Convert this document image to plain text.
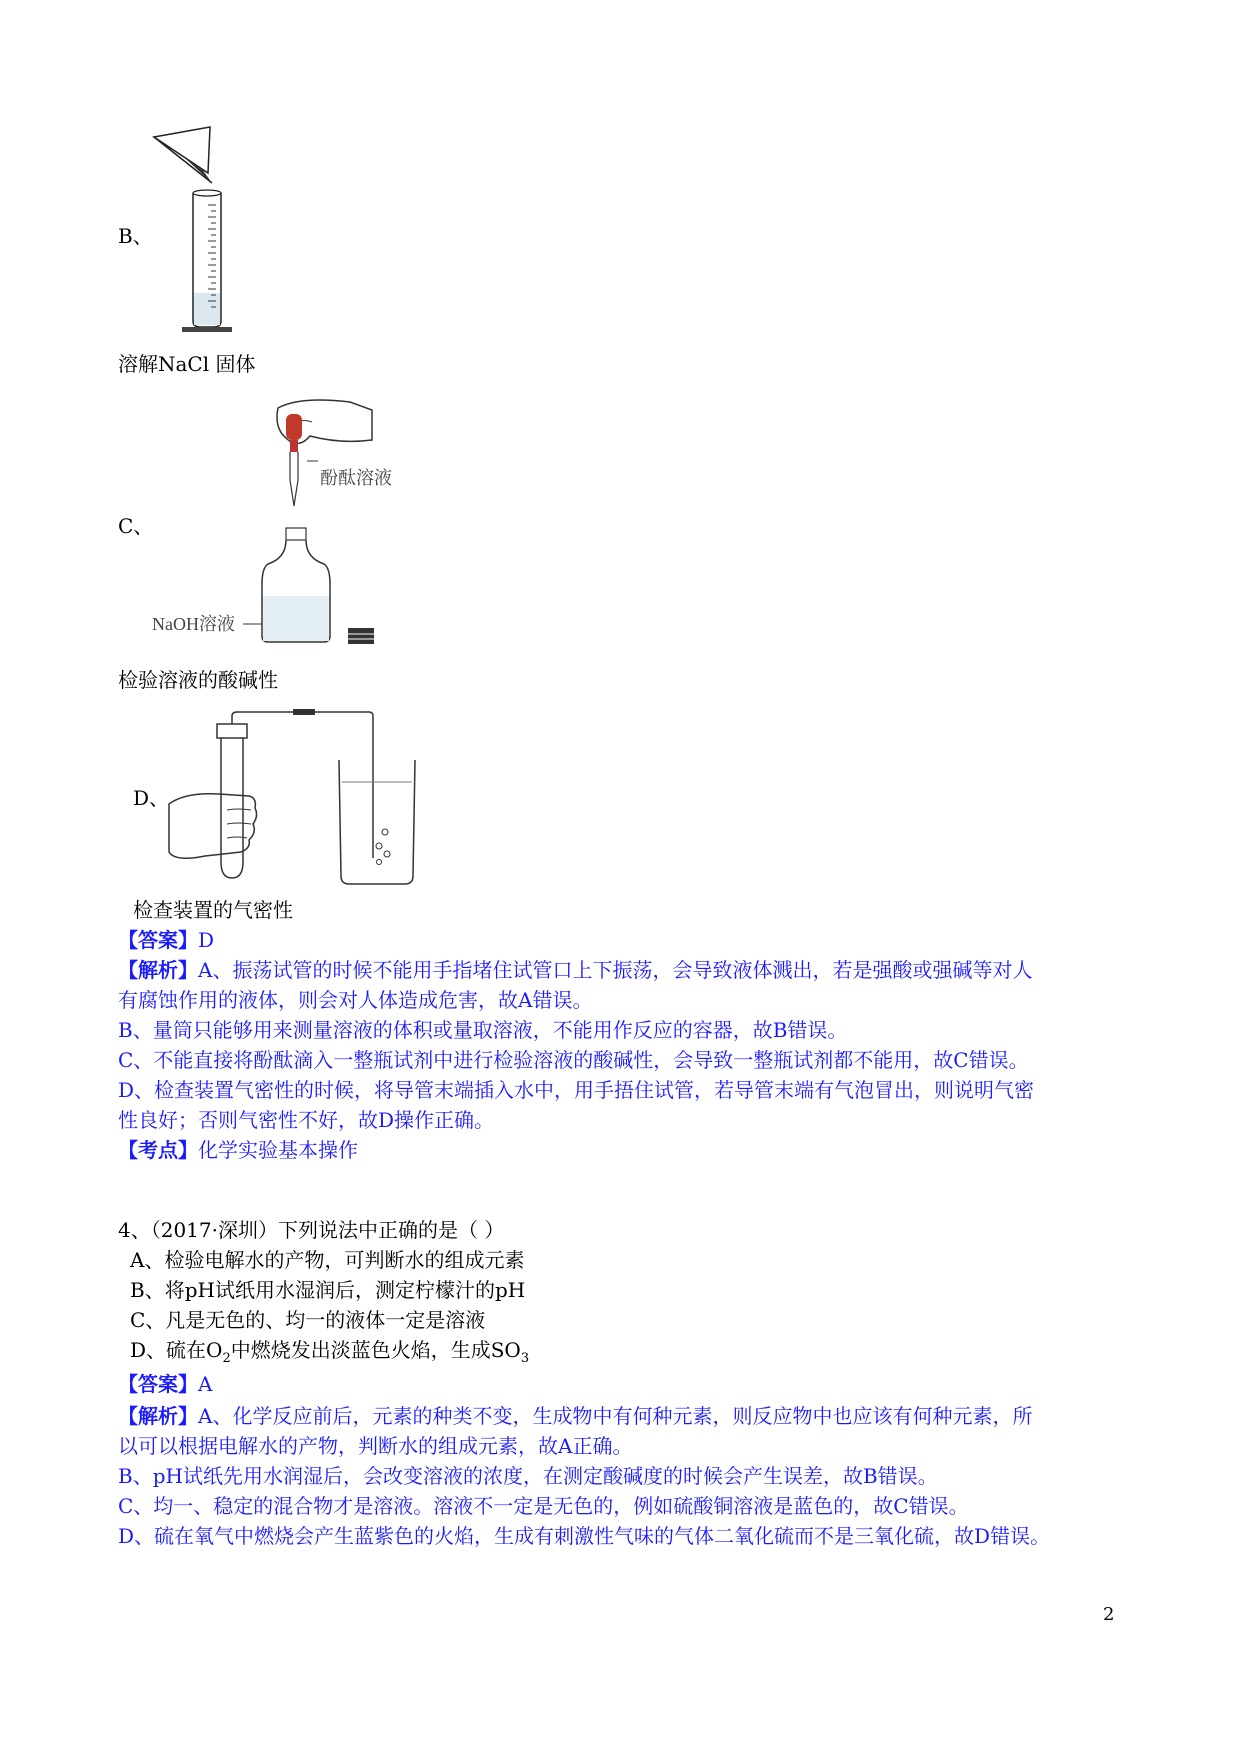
B、
溶解NaCl 固体
C、
酚酞溶液
NaOH溶液
检验溶液的酸碱性
D、
检查装置的气密性
【答案】D
【解析】A、振荡试管的时候不能用手指堵住试管口上下振荡，会导致液体溅出，若是强酸或强碱等对人
有腐蚀作用的液体，则会对人体造成危害，故A错误。
B、量筒只能够用来测量溶液的体积或量取溶液，不能用作反应的容器，故B错误。
C、不能直接将酚酞滴入一整瓶试剂中进行检验溶液的酸碱性，会导致一整瓶试剂都不能用，故C错误。
D、检查装置气密性的时候，将导管末端插入水中，用手捂住试管，若导管末端有气泡冒出，则说明气密
性良好；否则气密性不好，故D操作正确。
【考点】化学实验基本操作
4、（2017·深圳）下列说法中正确的是（ ）
A、检验电解水的产物，可判断水的组成元素
B、将pH试纸用水湿润后，测定柠檬汁的pH
C、凡是无色的、均一的液体一定是溶液
D、硫在$O_2$中燃烧发出淡蓝色火焰，生成$SO_3$
【答案】A
【解析】A、化学反应前后，元素的种类不变，生成物中有何种元素，则反应物中也应该有何种元素，所
以可以根据电解水的产物，判断水的组成元素，故A正确。
B、pH试纸先用水润湿后，会改变溶液的浓度，在测定酸碱度的时候会产生误差，故B错误。
C、均一、稳定的混合物才是溶液。溶液不一定是无色的，例如硫酸铜溶液是蓝色的，故C错误。
D、硫在氧气中燃烧会产生蓝紫色的火焰，生成有刺激性气味的气体二氧化硫而不是三氧化硫，故D错误。
2
